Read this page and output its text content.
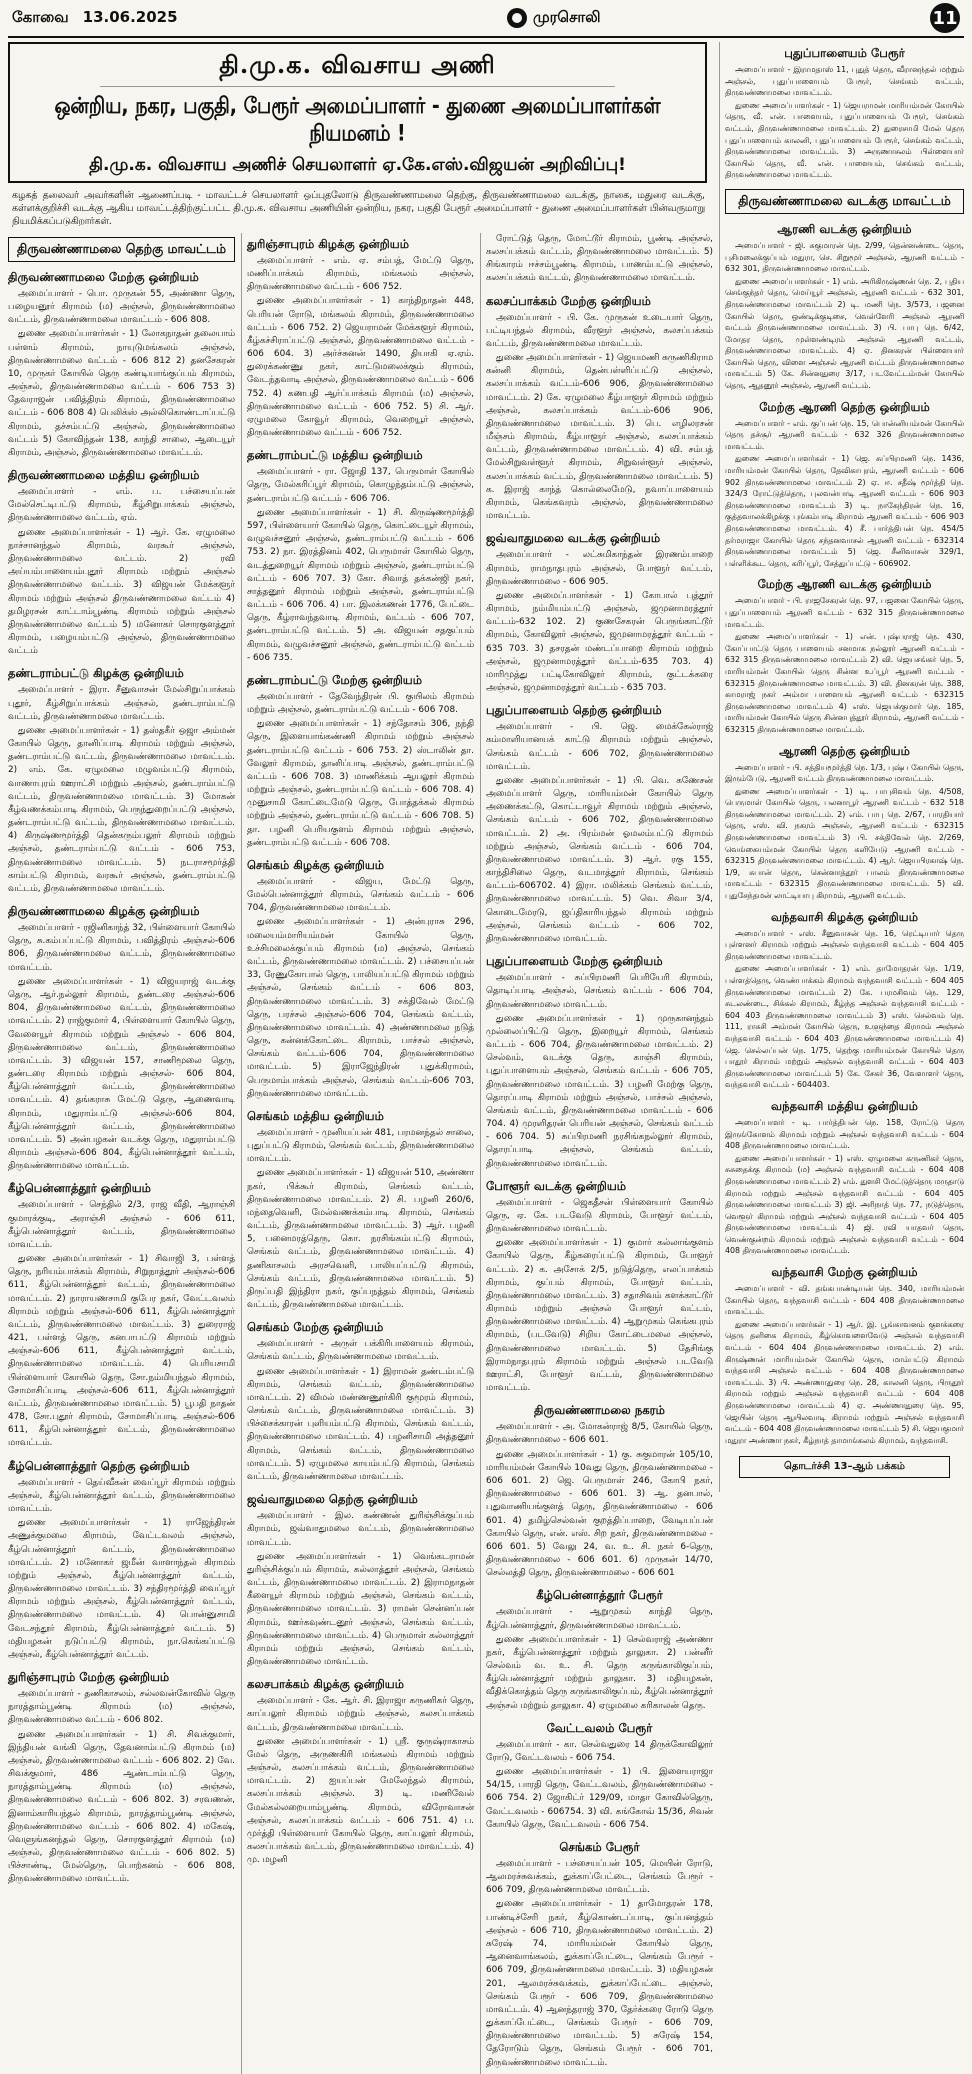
கோவை 13.06.2025	முரசொலி	11
தி.மு.க. விவசாய அணி
ஒன்றிய, நகர, பகுதி, பேரூர் அமைப்பாளர் - துணை அமைப்பாளர்கள் நியமனம் !
தி.மு.க. விவசாய அணிச் செயலாளர் ஏ.கே.எஸ்.விஜயன் அறிவிப்பு!
கழகத் தலைவர் அவர்களின் ஆணைப்படி - மாவட்டச் செயலாளர் ஒப்புதலோடு திருவண்ணாமலை தெற்கு, திருவண்ணாமலை வடக்கு, நாகை, மதுரை வடக்கு, கள்ளக்குறிச்சி வடக்கு ஆகிய மாவட்டத்திற்குட்பட்ட தி.மு.க. விவசாய அணியின் ஒன்றிய, நகர, பகுதி பேரூர் அமைப்பாளர் - துணை அமைப்பாளர்கள் பின்வருமாறு நியமிக்கப்படுகிறார்கள்.
திருவண்ணாமலை தெற்கு மாவட்டம்
திருவண்ணாமலை மேற்கு ஒன்றியம்

அமைப்பாளர் - பொ. முருகன் 55, அண்ணா தெரு, பழையனூர் கிராமம் (ம) அஞ்சல், திருவண்ணாமலை வட்டம், திருவண்ணாமலை மாவட்டம் - 606 808.

துணை அமைப்பாளர்கள் - 1) லோகநாதன் தலையாம் பள்ளம் கிராமம், நாயுடுமங்கலம் அஞ்சல், திருவண்ணாமலை வட்டம் - 606 812 2) தனசேகரன் 10, முருகர் கோயில் தெரு கண்டியாங்குப்பம் கிராமம், அஞ்சல், திருவண்ணாமலை வட்டம் - 606 753 3) தேவராஜன் பவித்திரம் கிராமம், திருவண்ணாமலை வட்டம் - 606 808 4) பெலிக்ஸ் அல்லிகொண்டாப்பட்டு கிராமம், தச்சம்பட்டு அஞ்சல், திருவண்ணாமலை வட்டம் 5) கோவிந்தன் 138, காந்தி சாலை, ஆடையூர் கிராமம், அஞ்சல், திருவண்ணாமலை மாவட்டம்.

திருவண்ணாமலை மத்திய ஒன்றியம்

அமைப்பாளர் - எம். ப. பச்சையப்பன் மேல்செட்டிபட்டு கிராமம், கீழ்சிறுபாக்கம் அஞ்சல், திருவண்ணாமலை வட்டம், ஏம்.

துணை அமைப்பாளர்கள் - 1) ஆர். கே. ஏழுமலை நாச்சானந்தல் கிராமம், வரகூர் அஞ்சல், திருவண்ணாமலை வட்டம். 2) ரவி அய்யம்பாளையம்புதூர் கிராமம் மற்றும் அஞ்சல் திருவண்ணாமலை வட்டம். 3) விஜயன் மேக்களூர் கிராமம் மற்றும் அஞ்சல் திருவண்ணாமலை வட்டம் 4) தமிழரசன் காட்டாம்பூண்டி கிராமம் மற்றும் அஞ்சல் திருவண்ணாமலை வட்டம் 5) மனோகர் சொரகுளத்தூர் கிராமம், பழையம்பட்டு அஞ்சல், திருவண்ணாமலை வட்டம்

தண்டராம்பட்டு கிழக்கு ஒன்றியம்

அமைப்பாளர் - இரா. சீனுவாசன் மேல்சிறுப்பாக்கம் புதூர், கீழ்சிறுப்பாக்கம் அஞ்சல், தண்டராம்பட்டு வட்டம், திருவண்ணாமலை மாவட்டம்.

துணை அமைப்பாளர்கள் - 1) தஸ்தகீர் ஒஜா அம்மன் கோயில் தெரு, தானிப்பாடி கிராமம் மற்றும் அஞ்சல், தண்டராம்பட்டு வட்டம், திருவண்ணாமலை மாவட்டம். 2) எம். கே. ஏழுமலை மழுவம்பட்டு கிராமம், வாணாபுரம் ஊராட்சி மற்றும் அஞ்சல், தண்டராம்பட்டு வட்டம், திருவண்ணாமலை மாவட்டம். 3) மோகன் கீழ்வணக்கம்பாடி கிராமம், பெருந்துறைப்பட்டு அஞ்சல், தண்டராம்பட்டு வட்டம், திருவண்ணாமலை மாவட்டம். 4) கிருஷ்ணமூர்த்தி தென்கரும்பலூர் கிராமம் மற்றும் அஞ்சல், தண்டராம்பட்டு வட்டம் - 606 753, திருவண்ணாமலை மாவட்டம். 5) நடராசமூர்த்தி காம்பட்டு கிராமம், வரகூர் அஞ்சல், தண்டராம்பட்டு வட்டம், திருவண்ணாமலை மாவட்டம்.

திருவண்ணாமலை கிழக்கு ஒன்றியம்

அமைப்பாளர் - ரஜினிகாந்த் 32, பிள்ளையார் கோயில் தெரு, சு.கம்பப்பட்டு கிராமம், பவித்திரம் அஞ்சல்-606 806, திருவண்ணாமலை வட்டம், திருவண்ணாமலை மாவட்டம்.

துணை அமைப்பாளர்கள் - 1) விஜயராஜ் வடக்கு தெரு, ஆர்.நல்லூர் கிராமம், தண்டரை அஞ்சல்-606 804, திருவண்ணாமலை வட்டம், திருவண்ணாமலை மாவட்டம். 2) ராஜ்குமார் 4, பிள்ளையார் கோயில் தெரு, வேளையூர் கிராமம் மற்றும் அஞ்சல் - 606 804, திருவண்ணாமலை வட்டம், திருவண்ணாமலை மாவட்டம். 3) விஜயன் 157, சாணிமூலை தெரு, தண்டரை கிராமம் மற்றும் அஞ்சல்- 606 804, கீழ்பென்னாத்தூர் வட்டம், திருவண்ணாமலை மாவட்டம். 4) தங்கராசு மேட்டு தெரு, ஆணைவாடி கிராமம், மதுராம்பட்டு அஞ்சல்-606 804, கீழ்பென்னாத்தூர் வட்டம், திருவண்ணாமலை மாவட்டம். 5) அன்பழகன் வடக்கு தெரு, மதுராம்பட்டு கிராமம் அஞ்சல்-606 804, கீழ்பென்னாத்தூர் வட்டம், திருவண்ணாமலை மாவட்டம்.

கீழ்பென்னாத்தூர் ஒன்றியம்

அமைப்பாளர் - செந்தில் 2/3, ராஜ வீதி, ஆராஞ்சி குமாரக்குடி, அராஞ்சி அஞ்சல் - 606 611, கீழ்பென்னாத்தூர் வட்டம், திருவண்ணாமலை மாவட்டம்.

துணை அமைப்பாளர்கள் - 1) சிவாஜி 3, பள்ளத் தெரு, நரியம்பாக்கம் கிராமம், சிறுநாத்தூர் அஞ்சல்-606 611, கீழ்பென்னாத்தூர் வட்டம், திருவண்ணாமலை மாவட்டம். 2) நாராயணசாமி குபேர நகர், வேட்டவலம் கிராமம் மற்றும் அஞ்சல்-606 611, கீழ்பென்னாத்தூர் வட்டம், திருவண்ணாமலை மாவட்டம். 3) துரைராஜ் 421, பள்ளத் தெரு, கனபாபட்டு கிராமம் மற்றும் அஞ்சல்-606 611, கீழ்பென்னாத்தூர் வட்டம், திருவண்ணாமலை மாவட்டம். 4) பெரியசாமி பிள்ளையார் கோயில் தெரு, சோ.நம்மியந்தல் கிராமம், சோமாசிப்பாடி அஞ்சல்-606 611, கீழ்பென்னாத்தூர் வட்டம், திருவண்ணாமலை மாவட்டம். 5) பூபதி நாதன் 478, சோ.புதூர் கிராமம், சோமாசிப்பாடி அஞ்சல்-606 611, கீழ்பென்னாத்தூர் வட்டம், திருவண்ணாமலை மாவட்டம்.

கீழ்பென்னாத்தூர் தெற்கு ஒன்றியம்

அமைப்பாளர் - தெய்வீகன் வைப்பூர் கிராமம் மற்றும் அஞ்சல், கீழ்பென்னாத்தூர் வட்டம், திருவண்ணாமலை மாவட்டம்.

துணை அமைப்பாளர்கள் - 1) ராஜேந்திரன் அணுக்குமலை கிராமம், வேட்டவலம் அஞ்சல், கீழ்பென்னாத்தூர் வட்டம், திருவண்ணாமலை மாவட்டம். 2) மனோகர் ஜமீன் வாளாந்தல் கிராமம் மற்றும் அஞ்சல், கீழ்பென்னாத்தூர் வட்டம், திருவண்ணாமலை மாவட்டம். 3) சந்திரமூர்த்தி வைப்பூர் கிராமம் மற்றும் அஞ்சல், கீழ்பென்னாத்தூர் வட்டம், திருவண்ணாமலை மாவட்டம். 4) பொன்னுசாமி வேடசந்தூர் கிராமம், கீழ்பென்னாத்தூர் வட்டம். 5) மதியழகன் நடுப்பட்டு கிராமம், நா.கெங்கப்பட்டு அஞ்சல், கீழ்பென்னாத்தூர் வட்டம்.

துரிஞ்சாபுரம் மேற்கு ஒன்றியம்

அமைப்பாளர் - தணிகாசலம், சல்லவன்கோவில் தெரு நாரத்தாம்பூண்டி கிராமம் (ம) அஞ்சல், திருவண்ணாமலை வட்டம் - 606 802.

துணை அமைப்பாளர்கள் - 1) சி. சிவக்குமார், இந்தியன் வங்கி தெரு, தேவனாம்பட்டு கிராமம் (ம) அஞ்சல், திருவண்ணாமலை வட்டம் - 606 802. 2) வே. சிவக்குமார், 486 ஆண்டாம்பட்டு தெரு, நாரத்தாம்பூண்டி கிராமம் (ம) அஞ்சல், திருவண்ணாமலை வட்டம் - 606 802. 3) சரவணன், இனாம்காரியந்தல் கிராமம், நாரத்தாம்பூண்டி அஞ்சல், திருவண்ணாமலை வட்டம் - 606 802. 4) மகேஷ், வெளுங்கனந்தல் தெரு, சொரகுளத்தூர் கிராமம் (ம) அஞ்சல், திருவண்ணாமலை வட்டம் - 606 802. 5) பிச்சாண்டி, மேல்தெரு, பொற்கனம் - 606 808, திருவண்ணாமலை மாவட்டம்.

துரிஞ்சாபுரம் கிழக்கு ஒன்றியம்

அமைப்பாளர் - எம். ஏ. சம்பத், மேட்டு தெரு, மணிப்பாக்கம் கிராமம், மங்கலம் அஞ்சல், திருவண்ணாமலை வட்டம் - 606 752.

துணை அமைப்பாளர்கள் - 1) காந்திநாதன் 448, பெரியன் ரோடு, மங்கலம் கிராமம், திருவண்ணாமலை வட்டம் - 606 752. 2) ஜெயராமன் மேக்களூர் கிராமம், கீழ்கச்சிராப்பட்டு அஞ்சல், திருவண்ணாமலை வட்டம் - 606 604. 3) அர்ச்சுனன் 1490, தியாகி ஏ.ஏம். துரைக்கண்ணு நகர், காட்டுமலைக்கும் கிராமம், வேடந்தவாடி அஞ்சல், திருவண்ணாமலை வட்டம் - 606 752. 4) கணபதி ஆர்ப்பாக்கம் கிராமம் (ம) அஞ்சல், திருவண்ணாமலை வட்டம் - 606 752. 5) சி. ஆர். ஏழுமலை கோவூர் கிராமம், வெறையூர் அஞ்சல், திருவண்ணாமலை வட்டம் - 606 752.

தண்டராம்பட்டு மத்திய ஒன்றியம்

அமைப்பாளர் - ரா. ஜோதி 137, பெருமாள் கோயில் தெரு, மேல்கரிப்பூர் கிராமம், கொழுந்தம்பட்டு அஞ்சல், தண்டராம்பட்டு வட்டம் - 606 706.

துணை அமைப்பாளர்கள் - 1) சி. கிருஷ்ணமூர்த்தி 597, பிள்ளையார் கோயில் தெரு, கொட்டையூர் கிராமம், வழுவச்சனூர் அஞ்சல், தண்டராம்பட்டு வட்டம் - 606 753. 2) நா. இரத்தினம் 402, பெருமாள் கோயில் தெரு, வடத்துறையூர் கிராமம் மற்றும் அஞ்சல், தண்டராம்பட்டு வட்டம் - 606 707. 3) கோ. சிவாத் தக்கன்ஜி நகர், சாத்தனூர் கிராமம் மற்றும் அஞ்சல், தண்டராம்பட்டு வட்டம் - 606 706. 4) பா. இலக்கணன் 1776, பேட்டை தெரு, கீழ்ராவந்தவாடி கிராமம், வட்டம் - 606 707, தண்டராம்பட்டு வட்டம். 5) அ. விஜயன் சதகுப்பம் கிராமம், வழுவச்சனூர் அஞ்சல், தண்டராம்பட்டு வட்டம் - 606 735.

தண்டராம்பட்டு மேற்கு ஒன்றியம்

அமைப்பாளர் - தேவேந்திரன் பி. குயிலம் கிராமம் மற்றும் அஞ்சல், தண்டராம்பட்டு வட்டம் - 606 708.

துணை அமைப்பாளர்கள் - 1) சந்தோசம் 306, நந்தி தெரு, இளையாங்கண்ணி கிராமம் மற்றும் அஞ்சல் தண்டராம்பட்டு வட்டம் - 606 753. 2) ஸ்டாலின் தா. வேலூர் கிராமம், தானிப்பாடி அஞ்சல், தண்டராம்பட்டு வட்டம் - 606 708. 3) மாணிக்கம் ஆயலூர் கிராமம் மற்றும் அஞ்சல், தண்டராம்பட்டு வட்டம் - 606 708. 4) முனுசாமி கோட்டைமேடு தெரு, போத்தக்கல் கிராமம் மற்றும் அஞ்சல், தண்டராம்பட்டு வட்டம் - 606 708. 5) தா. பழனி பெரியகுளம் கிராமம் மற்றும் அஞ்சல், தண்டராம்பட்டு வட்டம் - 606 708.

செங்கம் கிழக்கு ஒன்றியம்

அமைப்பாளர் - விஜய, மேட்டு தெரு, மேல்பென்னாத்தூர் கிராமம், செங்கம் வட்டம் - 606 704, திருவண்ணாமலை மாவட்டம்.

துணை அமைப்பாளர்கள் - 1) அன்புராசு 296, மலையம்மாரியம்மன் கோயில் தெரு, உச்சிமலைக்குப்பம் கிராமம் (ம) அஞ்சல், செங்கம் வட்டம், திருவண்ணாமலை மாவட்டம். 2) பச்சையப்பன் 33, ரேணுகோபால் தெரு, பாலியப்பட்டு கிராமம் மற்றும் அஞ்சல், செங்கம் வட்டம் - 606 803, திருவண்ணாமலை மாவட்டம். 3) சக்திவேல் மேட்டு தெரு, பரச்சல் அஞ்சல்-606 704, செங்கம் வட்டம், திருவண்ணாமலை மாவட்டம். 4) அண்ணாமலை நடுத் தெரு, கன்னக்கோட்டை கிராமம், பாச்சல் அஞ்சல், செங்கம் வட்டம்-606 704, திருவண்ணாமலை மாவட்டம். 5) இராஜேந்திரன் புதுக்கிராமம், பெருமாம்பாக்கம் அஞ்சல், செங்கம் வட்டம்-606 703, திருவண்ணாமலை மாவட்டம்.

செங்கம் மத்திய ஒன்றியம்

அமைப்பாளர் - முனியப்பன் 481, பரமனந்தல் சாலை, புதுப்பட்டு கிராமம், செங்கம் வட்டம், திருவண்ணாமலை மாவட்டம்.

துணை அமைப்பாளர்கள் - 1) விஜயன் 510, அண்ணா நகர், பிக்கூர் கிராமம், செங்கம் வட்டம், திருவண்ணாமலை மாவட்டம். 2) சி. பழனி 260/6, மந்தைவெளி, மேல்வணக்கம்பாடி கிராமம், செங்கம் வட்டம், திருவண்ணாமலை மாவட்டம். 3) ஆர். பழனி 5, பனைமரத்தெரு, கொ. நரசிங்கம்பட்டு கிராமம், செங்கம் வட்டம், திருவண்ணாமலை மாவட்டம். 4) தணிகாசலம் அரசவெளி, பாலியப்பட்டு கிராமம், செங்கம் வட்டம், திருவண்ணாமலை மாவட்டம். 5) திருப்பதி இந்திரா நகர், குப்பநத்தம் கிராமம், செங்கம் வட்டம், திருவண்ணாமலை மாவட்டம்.

செங்கம் மேற்கு ஒன்றியம்

அமைப்பாளர் - அருள் பக்கிரிபாளையம் கிராமம், செங்கம் வட்டம், திருவண்ணாமலை மாவட்டம்.

துணை அமைப்பாளர்கள் - 1) இராமன் தண்டம்பட்டு கிராமம், செங்கம் வட்டம், திருவண்ணாமலை மாவட்டம். 2) விமல் மண்ணணூர்கிரி குமூரம் கிராமம், செங்கம் வட்டம், திருவண்ணாமலை மாவட்டம். 3) பிச்சைக்காரன் புளியம்பட்டு கிராமம், செங்கம் வட்டம், திருவண்ணாமலை மாவட்டம். 4) பழனிசாமி அத்தனூர் கிராமம், செங்கம் வட்டம், திருவண்ணாமலை மாவட்டம். 5) ஏழுமலை காயம்பட்டு கிராமம், செங்கம் வட்டம், திருவண்ணாமலை மாவட்டம்.

ஜவ்வாதுமலை தெற்கு ஒன்றியம்

அமைப்பாளர் - இல. கண்ணன் துரிஞ்சிக்குப்பம் கிராமம், ஜவ்வாதுமலை வட்டம், திருவண்ணாமலை மாவட்டம்.

துணை அமைப்பாளர்கள் - 1) வெங்கடராமன் துரிஞ்சிக்குப்பம் கிராமம், கல்லாத்தூர் அஞ்சல், செங்கம் வட்டம், திருவண்ணாமலை மாவட்டம். 2) இராமநாதன் கீளையூர் கிராமம் மற்றும் அஞ்சல், செங்கம் வட்டம், திருவண்ணாமலை மாவட்டம். 3) ராமன் சென்னப்பன் கிராமம், ஊர்கவுண்டனூர் அஞ்சல், செங்கம் வட்டம், திருவண்ணாமலை மாவட்டம். 4) பெருமாள் கல்லாத்தூர் கிராமம் மற்றும் அஞ்சல், செங்கம் வட்டம், திருவண்ணாமலை மாவட்டம்.

கலசபாக்கம் கிழக்கு ஒன்றியம்

அமைப்பாளர் - கே. ஆர். சி. இராஜா கருணிகர் தெரு, காப்பலூர் கிராமம் மற்றும் அஞ்சல், கலசப்பாக்கம் வட்டம், திருவண்ணாமலை மாவட்டம்.

துணை அமைப்பாளர்கள் - 1) ஸ்ரீ. குருஷ்ராகாசம் மேல் தெரு, அருணகிரி மங்கலம் கிராமம் மற்றும் அஞ்சல், கலசப்பாக்கம் வட்டம், திருவண்ணாமலை மாவட்டம். 2) ஐயப்பன் மேலேந்தல் கிராமம், கலசப்பாக்கம் அஞ்சல். 3) டி. மணிவேல் மேல்கல்லறையாம்பூண்டி கிராமம், விரோவாசன் அஞ்சல், கலசப்பாக்கம் வட்டம் - 606 751. 4) ப. முர்த்தி பிள்ளையார் கோயில் தெரு, காப்பலூர் கிராமம், கலசப்பாக்கம் வட்டம், திருவண்ணாமலை மாவட்டம். 4) மு. மழனி

ரோட்டுத் தெரு, மோட்டூர் கிராமம், பூண்டி அஞ்சல், கலசப்பக்கம் வட்டம், திருவண்ணாமலை மாவட்டம். 5) சிங்காரம் ஈச்சம்பூண்டி கிராமம், பாணம்பட்டு அஞ்சல், கலசப்பக்கம் வட்டம், திருவண்ணாமலை மாவட்டம்.

கலசப்பாக்கம் மேற்கு ஒன்றியம்

அமைப்பாளர் - பி. கே. முருகன் உடையார் தெரு, பட்டியந்தல் கிராமம், வீரளூர் அஞ்சல், கலசப்பக்கம் வட்டம், திருவண்ணாமலை மாவட்டம்.

துணை அமைப்பாளர்கள் - 1) ஜெயமணி சுருணிகிராம கன்னி கிராமம், தென்பள்ளிப்பட்டு அஞ்சல், கலசப்பாக்கம் வட்டம்-606 906, திருவண்ணாமலை மாவட்டம். 2) கே. ஏழுமலை கீழ்பாளூர் கிராமம் மற்றும் அஞ்சல், கலசப்பாக்கம் வட்டம்-606 906, திருவண்ணாமலை மாவட்டம். 3) பெ. எழிலரசன் மீஞ்சம் கிராமம், கீழ்பாளூர் அஞ்சல், கலசப்பாக்கம் வட்டம், திருவண்ணாமலை மாவட்டம். 4) வி. சம்பத் மேல்சிறுவள்ளூர் கிராமம், சிறுவள்ளூர் அஞ்சல், கலசப்பாக்கம் வட்டம், திருவண்ணாமலை மாவட்டம். 5) க. இராஜ் காந்த் கொல்லைமேடு, நவாப்பாளையம் கிராமம், கெங்கவரம் அஞ்சல், திருவண்ணாமலை மாவட்டம்.

ஜவ்வாதுமலை வடக்கு ஒன்றியம்

அமைப்பாளர் - லட்சுமிகாந்தன் இரணம்பாறை கிராமம், ராமநாதபுரம் அஞ்சல், போளூர் வட்டம், திருவண்ணாமலை - 606 905.

துணை அமைப்பாளர்கள் - 1) கோபால் புத்தூர் கிராமம், நம்மியம்பட்டு அஞ்சல், ஜமுனாமரத்தூர் வட்டம்-632 102. 2) குணசேகரன் பெருங்காட்டூர் கிராமம், கோவிலூர் அஞ்சல், ஜமுனாமரத்தூர் வட்டம் - 635 703. 3) தசரதன் மண்டப்பாறை கிராமம் மற்றும் அஞ்சல், ஜமுனாமரத்தூர் வட்டம்-635 703. 4) மாரிமுத்து பட்டிகோவிலூர் கிராமம், குட்டக்கரை அஞ்சல், ஜமுனாமரத்தூர் வட்டம் - 635 703.

புதுப்பாளையம் தெற்கு ஒன்றியம்

அமைப்பாளர் - பி. ஜெ. மைக்கேல்ராஜ் கம்மாளியானயக் காட்டு கிராமம் மற்றும் அஞ்சல், செங்கம் வட்டம் - 606 702, திருவண்ணாமலை மாவட்டம்.

துணை அமைப்பாளர்கள் - 1) பி. வெ. கணேசன் அமைப்பாளர் தெரு, மாரியம்மன் கோயில் தெரு அணைக்கட்டு, கொட்டாவூர் கிராமம் மற்றும் அஞ்சல், செங்கம் வட்டம் - 606 702, திருவண்ணாமலை மாவட்டம். 2) அ. பிரம்மன் ஓமலம்பட்டு கிராமம் மற்றும் அஞ்சல், செங்கம் வட்டம் - 606 704, திருவண்ணாமலை மாவட்டம். 3) ஆர். ரகு 155, காந்திசிலை தெரு, வடமாத்தூர் கிராமம், செங்கம் வட்டம்-606702. 4) இரா. மலிக்கம் செங்கம் வட்டம், திருவண்ணாமலை மாவட்டம். 5) வெ. சிவா 3/4, கொடைமேரடு, ஜப்திகாரியந்தல் கிராமம் மற்றும் அஞ்சல், செங்கம் வட்டம் - 606 702, திருவண்ணாமலை மாவட்டம்.

புதுப்பாளையம் மேற்கு ஒன்றியம்

அமைப்பாளர் - சுப்பிரமணி பெரியேரி கிராமம், தொடிப்பாடி அஞ்சல், செங்கம் வட்டம் - 606 704, திருவண்ணாமலை மாவட்டம்.

துணை அமைப்பாளர்கள் - 1) முருகானந்தம் முல்லைப்பிட்டு தெரு, இறையூர் கிராமம், செங்கம் வட்டம் - 606 704, திருவண்ணாமலை மாவட்டம். 2) செல்வம், வடக்கு தெரு, காஞ்சி கிராமம், புதுப்பாளையம் அஞ்சல், செங்கம் வட்டம் - 606 705, திருவண்ணாமலை மாவட்டம். 3) பழனி மேற்கு தெரு, தொரப்பாடி கிராமம் மற்றும் அஞ்சல், பாச்சல் அஞ்சல், செங்கம் வட்டம், திருவண்ணாமலை மாவட்டம் - 606 704. 4) முரளிதரன் பெரியன் அஞ்சல், செங்கம் வட்டம் - 606 704. 5) சுப்பிரமணி நரசிங்கநல்லூர் கிராமம், தொரப்பாடி அஞ்சல், செங்கம் வட்டம், திருவண்ணாமலை மாவட்டம்.

போளூர் வடக்கு ஒன்றியம்

அமைப்பாளர் - ஜெகதீசன் பிள்ளையார் கோயில் தெரு, ஏ. கே. படவேடு கிராமம், போளூர் வட்டம், திருவண்ணாமலை மாவட்டம்.

துணை அமைப்பாளர்கள் - 1) குமார் கல்லாங்குளம் கோயில் தெரு, கீழ்கரைப்பட்டு கிராமம், போளூர் வட்டம். 2) க. அசோக் 2/5, நடுத்தெரு, எலப்பாக்கம் கிராமம், குப்பம் கிராமம், போளூர் வட்டம், திருவண்ணாமலை மாவட்டம். 3) சதாசிவம் களக்காட்டூர் கிராமம் மற்றும் அஞ்சல் போளூர் வட்டம், திருவண்ணாமலை மாவட்டம். 4) ஆறுமுகம் கெங்கபுரம் கிராமம், (படவேடு) சிறிய கோட்டைமலை அஞ்சல், திருவண்ணாமலை மாவட்டம். 5) தேசிங்கு இராமநாதபுரம் கிராமம் மற்றும் அஞ்சல் படவேடு ஊராட்சி, போளூர் வட்டம், திருவண்ணாமலை மாவட்டம்.

திருவண்ணாமலை நகரம்

அமைப்பாளர் - அ. மோகன்ராஜ் 8/5, கோயில் தெரு, திருவண்ணாமலை - 606 601.

துணை அமைப்பாளர்கள் - 1) கு. சுகுமாரன் 105/10, மாரியம்மன் கோயில் 10வது தெரு, திருவண்ணாமலை - 606 601. 2) ஜெ. பெருமாள் 246, கோபி நகர், திருவண்ணாமலை - 606 601. 3) ஆ. தனபால், புதுவாணியங்குளத் தெரு, திருவண்ணாமலை - 606 601. 4) தமிழ்செல்வன் குறத்திப்பாறை, வேடியப்பன் கோயில் தெரு, என். எஸ். சிற நகர், திருவண்ணாமலை - 606 601. 5) வேலு 24, வ. உ. சி. நகர் 6-தெரு, திருவண்ணாமலை - 606 601. 6) முருகன் 14/70, செல்லத்தி தெரு, திருவண்ணாமலை - 606 601

கீழ்பென்னாத்தூர் பேரூர்

அமைப்பாளர் - ஆறுமுகம் காந்தி தெரு, கீழ்பென்னாத்தூர், திருவண்ணாமலை மாவட்டம்.

துணை அமைப்பாளர்கள் - 1) செல்வராஜ் அண்ணா நகர், கீழ்பென்னாத்தூர் மற்றும் தாலுகா. 2) பன்னீர் செல்வம் வ. உ. சி. தெரு கருங்காலிகுப்பம், கீழ்பென்னாத்தூர் மற்றும் தாலுகா. 3) மதியழகன், வீதிக்கொத்தம் தெரு கருங்காலிகுப்பம், கீழ்பென்னாத்தூர் அஞ்சல் மற்றும் தாலுகா. 4) ஏழுமலை கரிகாலன் தெரு.

வேட்டவலம் பேரூர்

அமைப்பாளர் - கா. செல்வதுரை 14 திருக்கோவிலூர் ரோடு, வேட்டவலம் - 606 754.

துணை அமைப்பாளர்கள் - 1) பி. இளையராஜா 54/15, பாரதி தெரு, வேட்டவலம், திருவண்ணாமலை - 606 754. 2) ஜோகிட்ர் 129/09, மாதா கோவில்தெரு, வேட்டவலம் - 606754. 3) வி. கங்கோவ் 15/36, சிவன் கோயில் தெரு, வேட்டவலம் - 606 754.

செங்கம் பேரூர்

அமைப்பாளர் - பச்சையப்பன் 105, மெயின் ரோடு, ஆலமரச்சுவக்கம், துக்காப்பேட்டை, செங்கம் பேரூர் - 606 709, திருவண்ணாமலை மாவட்டம்.

துணை அமைப்பாளர்கள் - 1) தாமோதரன் 178, பாண்டிச்சேரி நகர், கீழ்கொண்டப்பாடி, குப்பனத்தம் அஞ்சல் - 606 710, திருவண்ணாமலை மாவட்டம். 2) சுரேஷ் 74, மாரியம்மன் கோயில் தெரு, ஆனைவாங்கலம், துக்காப்பேட்டை, செங்கம் பேரூர் - 606 709, திருவண்ணாமலை மாவட்டம். 3) மதியழகன் 201, ஆலமரச்சுவக்கம், துக்காப்பேட்டை அஞ்சல், செங்கம் பேரூர் - 606 709, திருவண்ணாமலை மாவட்டம். 4) ஆனந்தராஜ் 370, தேர்க்கரை ரோடு தெரு துக்காப்பேட்டை, செங்கம் பேரூர் - 606 709, திருவண்ணாமலை மாவட்டம். 5) சுரேஷ் 154, தேரோடும் தெரு, செங்கம் பேரூர் - 606 701, திருவண்ணாமலை மாவட்டம்.

புதுப்பாளையம் பேரூர்

அமைப்பாளர் - இராமதாஸ் 11, புதுத் தெரு, வீரானந்தல் மற்றும் அஞ்சல், புதுப்பாளையம் பேரூர், செங்கம் வட்டம், திருவண்ணாமலை மாவட்டம்.

துணை அமைப்பாளர்கள் - 1) ஜெயராமன் மாரியம்மன் கோயில் தெரு, வீ. என். பாளையம், புதுப்பாளையம் பேரூர், செங்கம் வட்டம், திருவண்ணாமலை மாவட்டம். 2) துரைசாமி மேல் தெரு புதுப்பாளையம் காலனி, புதுப்பாளையம் பேரூர், செங்கம் வட்டம், திருவண்ணாமலை மாவட்டம். 3) அருணாசலம் பிள்ளையார் கோயில் தெரு, வீ. என். பாளையம், செங்கம் வட்டம், திருவண்ணாமலை மாவட்டம்.

திருவண்ணாமலை வடக்கு மாவட்டம்
ஆரணி வடக்கு ஒன்றியம்

அமைப்பாளர் - ஜி. சுகுமாரன் நெ. 2/99, தென்னண்டை தெரு, புசிமலைக்குப்பம் மதுரா, செ. சிறுமூர் அஞ்சல், ஆரணி வட்டம் - 632 301, திருவண்ணாமலை மாவட்டம்.

துணை அமைப்பாளர்கள் - 1) எம். அரிகிருஷ்ணன் நெ. 2, புதிய செங்குந்தர் தெரு, மெய்யூர் அஞ்சல், ஆரணி வட்டம் - 632 301, திருவண்ணாமலை மாவட்டம் 2) டி. மணி நெ. 3/573, பஜனை கோயில் தெரு, ஒண்டிக்குடிசை, வெள்ளேரி அஞ்சல் ஆரணி வட்டம் திருவண்ணாமலை மாவட்டம். 3) பி. பாபு நெ. 6/42, மோதர தெரு, முள்ளண்டிரம் அஞ்சல் ஆரணி வட்டம், திருவண்ணாமலை மாவட்டம். 4) ஏ. தினகரன் பிள்ளையார் கோயில் தெரு, விளை அஞ்சல் ஆரணி வட்டம் திருவண்ணாமலை மாவட்டம் 5) கே. சின்னதுரை 3/17, படவேட்டம்மன் கோயில் தெரு, ஆதனூர் அஞ்சல், ஆரணி வட்டம்.

மேற்கு ஆரணி தெற்கு ஒன்றியம்

அமைப்பாளர் - எம். குப்பன் நெ. 15, பொன்னியம்மன் கோயில் தெரு தச்சூர் ஆரணி வட்டம் - 632 326 திருவண்ணாமலை மாவட்டம்.

துணை அமைப்பாளர்கள் - 1) ஜெ. சுப்பிரமணி நெ. 1436, மாரியம்மன் கோயில் தெரு, தேவிகாபுரம், ஆரணி வட்டம் - 606 902 திருவண்ணாமலை மாவட்டம் 2) ஏ. ஈ. சதீஷ் மூர்த்தி நெ. 324/3 ரோட்டுத்தெரு, புலவன்பாடி ஆரணி வட்டம் - 606 903 திருவண்ணாமலை மாவட்டம் 3) டி. நாகேந்திரன் நெ. 16, குத்தவாலக்கிழக்கு புங்கம்பாடி கிராமம் ஆரணி வட்டம் - 606 903 திருவண்ணாமலை மாவட்டம். 4) சீ. பார்த்திபன் நெ. 454/5 தர்மராஜா கோயில் தெரு சந்தனவாசல் ஆரணி வட்டம் - 632314 திருவண்ணாமலை மாவட்டம் 5) ஜெ. சீனிவாசன் 329/1, பள்ளிக்கூட தெரு, கரிப்பூர், சேத்துப்பட்டு - 606902.

மேற்கு ஆரணி வடக்கு ஒன்றியம்

அமைப்பாளர் - பி. ராஜசேகரன் நெ. 97, பஜனை கோயில் தெரு, புதுப்பாளையம் ஆரணி வட்டம் - 632 315 திருவண்ணாமலை மாவட்டம்.

துணை அமைப்பாளர்கள் - 1) என். புஷ்பராஜ் நெ. 430, கோப்பாட்டு தெரு பாளையம் சனமாக நல்லூர் ஆரணி வட்டம் - 632 315 திருவண்ணாமலை மாவட்டம் 2) வி. ஜெயசங்கர் நெ. 5, மாரியம்மன் கோயில் தெரு சின்ன உப்பூர் ஆரணி வட்டம் - 632315 திருவண்ணாமலை மாவட்டம். 3) வி. தினகரன் நெ. 388, காமராஜ் நகர் அம்மா பாளையம் ஆரணி வட்டம் - 632315 திருவண்ணாமலை மாவட்டம் 4) எஸ். ஜெயக்குமார் நெ. 185, மாரியம்மன் கோயில் தெரு சின்னபுத்தூர் கிராமம், ஆரணி வட்டம் - 632315 திருவண்ணாமலை மாவட்டம்.

ஆரணி தெற்கு ஒன்றியம்

அமைப்பாளர் - பி. சத்தியமூர்த்தி நெ. 1/3, புஷ்ப கோயில் தெரு, இரும்பேடு, ஆரணி வட்டம் திருவண்ணாமலை மாவட்டம்.

துணை அமைப்பாளர்கள் - 1) டி. பாபுசிவம் நெ. 4/508, பெருமாள் கோயில் தெரு, பலனாபூர் ஆரணி வட்டம் - 632 518 திருவண்ணாமலை மாவட்டம். 2) எம். பாபு நெ. 2/67, பாரதியார் தெரு, எஸ். வி. நகரம் அஞ்சல், ஆரணி வட்டம் - 632315 திருவண்ணாமலை மாவட்டம் 3) பி. சக்திவேல் நெ. 2/269, வெங்கையம்மன் கோயில் தெரு களியேடு ஆரணி வட்டம் - 632315 திருவண்ணாமலை மாவட்டம். 4) ஆர். ஜெயபிரகாஷ் நெ. 1/9, சுபான் தெரு, சென்னாத்தூர் பாலம் திருவண்ணாமலை மாவட்டம் - 632315 திருவண்ணாமலை மாவட்டம். 5) வி. புதுசேந்தமன் லாட்டியாபு கிராமம், ஆரணி வட்டம்.

வந்தவாசி கிழக்கு ஒன்றியம்

அமைப்பாளர் - எஸ். சீனுவாசன் நெ. 16, ரெட்டியார் தெரு புள்ளனர் கிராமம் மற்றும் அஞ்சல் வந்தவாசி வட்டம் - 604 405 திருவண்ணாமலை மாவட்டம்.

துணை அமைப்பாளர்கள் - 1) எம். தாமோதரன் நெ. 1/19, பள்ளத்தெரு, வெண்பாக்கம் கிராமம் வந்தவாசி வட்டம் - 604 405 திருவண்ணாமலை மாவட்டம் 2) கே. பரமசிவம் நெ. 129, சுடலண்டை, சிக்கல் கிராமம், கீழ்ந்த அஞ்சல் வந்தவாசி வட்டம் - 604 403 திருவண்ணாமலை மாவட்டம் 3) எஸ். செல்வம் நெ. 111, ராசுசி அம்மன் கோயில் தெரு, உளுந்தை கிராமம் அஞ்சல் வந்தவாசி வட்டம் - 604 403 திருவண்ணாமலை மாவட்டம் 4) ஜெ. செல்லப்பன் நெ. 1/75, தெற்கு மாரியம்மன் கோயில் தெரு பாதூர் கிராமம் மற்றும் அஞ்சல் வந்தவாசி வட்டம் - 604 403 திருவண்ணாமலை மாவட்டம் 5) கே. சேகர் 36, வேளாளர் தெரு, வந்தவாசி வட்டம் - 604403.

வந்தவாசி மத்திய ஒன்றியம்

அமைப்பாளர் - டி. பார்த்திபன் நெ. 158, ரோட்டு தெரு இருங்கோளம் கிராமம் மற்றும் அஞ்சல் வந்தவாசி வட்டம் - 604 408 திருவண்ணாமலை மாவட்டம்.

துணை அமைப்பாளர்கள் - 1) எஸ். ஏழுமலை கருணிகர் தெரு, சுசுதைக்கு கிராமம் (ம) அஞ்சல் வந்தவாசி வட்டம் - 604 408 திருவண்ணாமலை மாவட்டம் 2) எம். துளசி மேட்டுத்தெரு மருதாடு கிராமம் மற்றும் அஞ்சல் வந்தவாசி வட்டம் - 604 405 திருவண்ணாமலை மாவட்டம் 3) ஜி. அரிநாத் நெ. 77, நடுத்தெரு, வெளூர் கிராமம் மற்றும் அஞ்சல் வந்தவாசி வட்டம் - 604 405 திருவண்ணாமலை மாவட்டம் 4) ஜி. ரவி யாதவர் தெரு, வெண்குன்றம் கிராமம் மற்றும் அஞ்சல் வந்தவாசி வட்டம் - 604 408 திருவண்ணாமலை மாவட்டம்.

வந்தவாசி மேற்கு ஒன்றியம்

அமைப்பாளர் - வி. தங்கபாண்டியன் நெ. 340, மாரியம்மன் கோயில் தெரு, வந்தவாசி வட்டம் - 604 408 திருவண்ணாமலை மாவட்டம்.

துணை அமைப்பாளர்கள் - 1) ஆர். இ. பூங்காவனம் குளக்கரை தெரு தளிகை கிராமம், கீழ்கொவளைவேடு அஞ்சல் வந்தவாசி வட்டம் - 604 404 திருவண்ணாமலை மாவட்டம். 2) எம். கிருஷ்ணன் மாரியம்மன் கோயில் தெரு, மாம்பட்டு கிராமம் வந்தவாசி அஞ்சல் வட்டம் - 604 408 திருவண்ணாமலை மாவட்டம். 3) பி. அண்ணாதுரை நெ. 28, காலனி தெரு, பிருதூர் கிராமம் மற்றும் அஞ்சல் வந்தவாசி வட்டம் - 604 408 திருவண்ணாமலை மாவட்டம் 4) ஏ. அண்ணாதுரை நெ. 95, ஜெயின் தெரு ஆயிலவாடி கிராமம் மற்றும் அஞ்சல் வந்தவாசி வட்டம் - 604 408 திருவண்ணாமலை மாவட்டம் 5) சி. ஜெயகுமார் மதுரா அண்ணா நகர், கீழ்நாத் தாமாங்கலம் கிராமம், வந்தவாசி.

தொடர்ச்சி 13–ஆம் பக்கம்
